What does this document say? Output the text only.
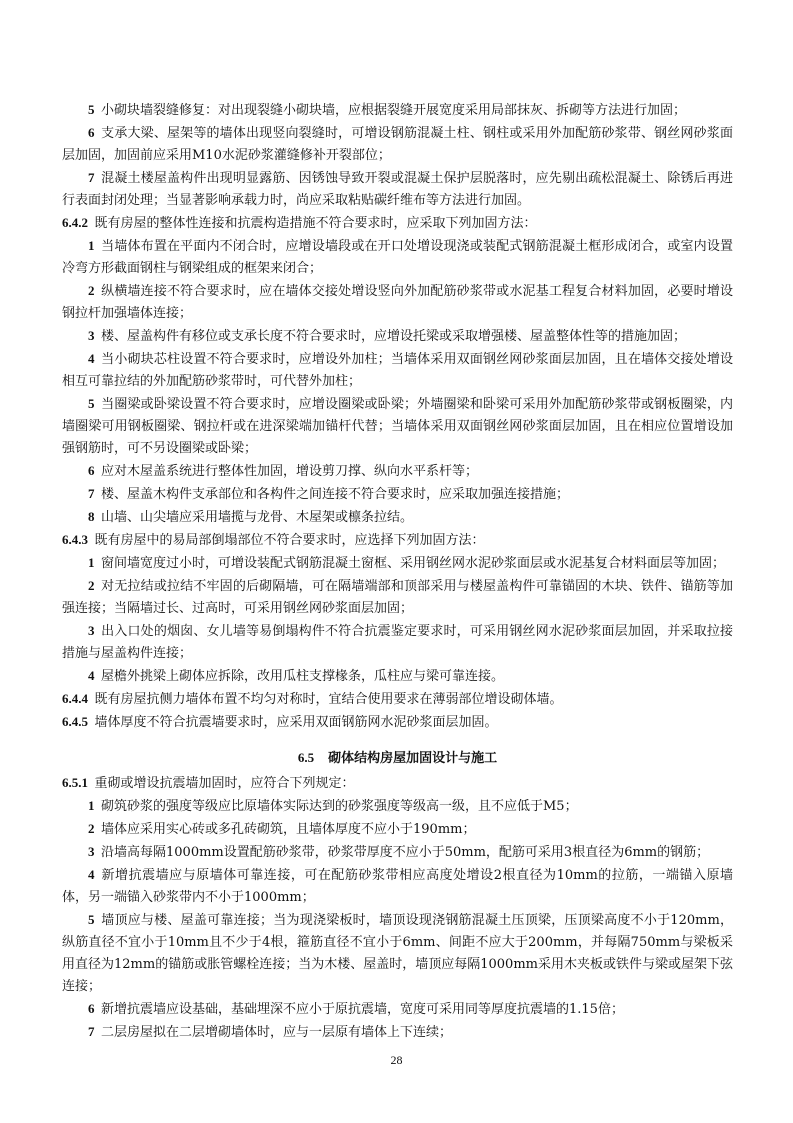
5  小砌块墙裂缝修复：对出现裂缝小砌块墙，应根据裂缝开展宽度采用局部抹灰、拆砌等方法进行加固；

6  支承大梁、屋架等的墙体出现竖向裂缝时，可增设钢筋混凝土柱、钢柱或采用外加配筋砂浆带、钢丝网砂浆面层加固，加固前应采用M10水泥砂浆灌缝修补开裂部位；

7  混凝土楼屋盖构件出现明显露筋、因锈蚀导致开裂或混凝土保护层脱落时，应先剔出疏松混凝土、除锈后再进行表面封闭处理；当显著影响承载力时，尚应采取粘贴碳纤维布等方法进行加固。

6.4.2  既有房屋的整体性连接和抗震构造措施不符合要求时，应采取下列加固方法：

1  当墙体布置在平面内不闭合时，应增设墙段或在开口处增设现浇或装配式钢筋混凝土框形成闭合，或室内设置冷弯方形截面钢柱与钢梁组成的框架来闭合；

2  纵横墙连接不符合要求时，应在墙体交接处增设竖向外加配筋砂浆带或水泥基工程复合材料加固，必要时增设钢拉杆加强墙体连接；

3  楼、屋盖构件有移位或支承长度不符合要求时，应增设托梁或采取增强楼、屋盖整体性等的措施加固；

4  当小砌块芯柱设置不符合要求时，应增设外加柱；当墙体采用双面钢丝网砂浆面层加固，且在墙体交接处增设相互可靠拉结的外加配筋砂浆带时，可代替外加柱；

5  当圈梁或卧梁设置不符合要求时，应增设圈梁或卧梁；外墙圈梁和卧梁可采用外加配筋砂浆带或钢板圈梁，内墙圈梁可用钢板圈梁、钢拉杆或在进深梁端加锚杆代替；当墙体采用双面钢丝网砂浆面层加固，且在相应位置增设加强钢筋时，可不另设圈梁或卧梁；

6  应对木屋盖系统进行整体性加固，增设剪刀撑、纵向水平系杆等；

7  楼、屋盖木构件支承部位和各构件之间连接不符合要求时，应采取加强连接措施；

8  山墙、山尖墙应采用墙揽与龙骨、木屋架或檩条拉结。

6.4.3  既有房屋中的易局部倒塌部位不符合要求时，应选择下列加固方法：

1  窗间墙宽度过小时，可增设装配式钢筋混凝土窗框、采用钢丝网水泥砂浆面层或水泥基复合材料面层等加固；

2  对无拉结或拉结不牢固的后砌隔墙，可在隔墙端部和顶部采用与楼屋盖构件可靠锚固的木块、铁件、锚筋等加强连接；当隔墙过长、过高时，可采用钢丝网砂浆面层加固；

3  出入口处的烟囱、女儿墙等易倒塌构件不符合抗震鉴定要求时，可采用钢丝网水泥砂浆面层加固，并采取拉接措施与屋盖构件连接；

4  屋檐外挑梁上砌体应拆除，改用瓜柱支撑椽条，瓜柱应与梁可靠连接。

6.4.4  既有房屋抗侧力墙体布置不均匀对称时，宜结合使用要求在薄弱部位增设砌体墙。

6.4.5  墙体厚度不符合抗震墙要求时，应采用双面钢筋网水泥砂浆面层加固。

6.5 砌体结构房屋加固设计与施工

6.5.1  重砌或增设抗震墙加固时，应符合下列规定：

1  砌筑砂浆的强度等级应比原墙体实际达到的砂浆强度等级高一级，且不应低于M5；

2  墙体应采用实心砖或多孔砖砌筑，且墙体厚度不应小于190mm；

3  沿墙高每隔1000mm设置配筋砂浆带，砂浆带厚度不应小于50mm，配筋可采用3根直径为6mm的钢筋；

4  新增抗震墙应与原墙体可靠连接，可在配筋砂浆带相应高度处增设2根直径为10mm的拉筋，一端锚入原墙体，另一端锚入砂浆带内不小于1000mm；

5  墙顶应与楼、屋盖可靠连接；当为现浇梁板时，墙顶设现浇钢筋混凝土压顶梁，压顶梁高度不小于120mm，纵筋直径不宜小于10mm且不少于4根，箍筋直径不宜小于6mm、间距不应大于200mm，并每隔750mm与梁板采用直径为12mm的锚筋或胀管螺栓连接；当为木楼、屋盖时，墙顶应每隔1000mm采用木夹板或铁件与梁或屋架下弦连接；

6  新增抗震墙应设基础，基础埋深不应小于原抗震墙，宽度可采用同等厚度抗震墙的1.15倍；

7  二层房屋拟在二层增砌墙体时，应与一层原有墙体上下连续；

28
